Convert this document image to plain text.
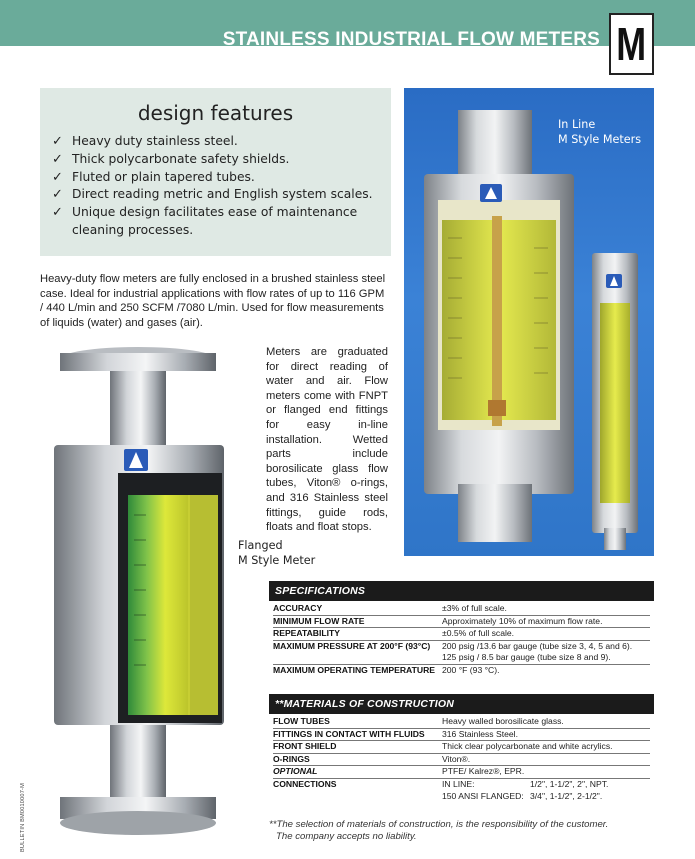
STAINLESS INDUSTRIAL FLOW METERS M
design features
✓ Heavy duty stainless steel.
✓ Thick polycarbonate safety shields.
✓ Fluted or plain tapered tubes.
✓ Direct reading metric and English system scales.
✓ Unique design facilitates ease of maintenance
cleaning processes.

Heavy-duty flow meters are fully enclosed in a brushed stainless steel case. Ideal for industrial applications with flow rates of up to 116 GPM / 440 L/min and 250 SCFM /7080 L/min. Used for flow measurements of liquids (water) and gases (air).

In Line
M Style Meters

Meters are graduated for direct reading of water and air. Flow meters come with FNPT or flanged end fittings for easy in-line installation. Wetted parts include borosilicate glass flow tubes, Viton® o-rings, and 316 Stainless steel fittings, guide rods, floats and float stops.

Flanged
M Style Meter
SPECIFICATIONS
ACCURACY	±3% of full scale.
MINIMUM FLOW RATE	Approximately 10% of maximum flow rate.
REPEATABILITY	±0.5% of full scale.
MAXIMUM PRESSURE AT 200°F (93°C)	200 psig /13.6 bar gauge (tube size 3, 4, 5 and 6).
125 psig / 8.5 bar gauge (tube size 8 and 9).
MAXIMUM OPERATING TEMPERATURE 200 °F (93 °C).
**MATERIALS OF CONSTRUCTION
FLOW TUBES	Heavy walled borosilicate glass.
FITTINGS IN CONTACT WITH FLUIDS	316 Stainless Steel.
FRONT SHIELD	Thick clear polycarbonate and white acrylics.
O-RINGS	Viton®.
OPTIONAL	PTFE/ Kalrez®, EPR.
CONNECTIONS	IN LINE:	1/2", 1-1/2", 2", NPT.
150 ANSI FLANGED: 3/4", 1-1/2", 2-1/2".
**The selection of materials of construction, is the responsibility of the customer.
The company accepts no liability.
BULLETIN BM0010007-M
